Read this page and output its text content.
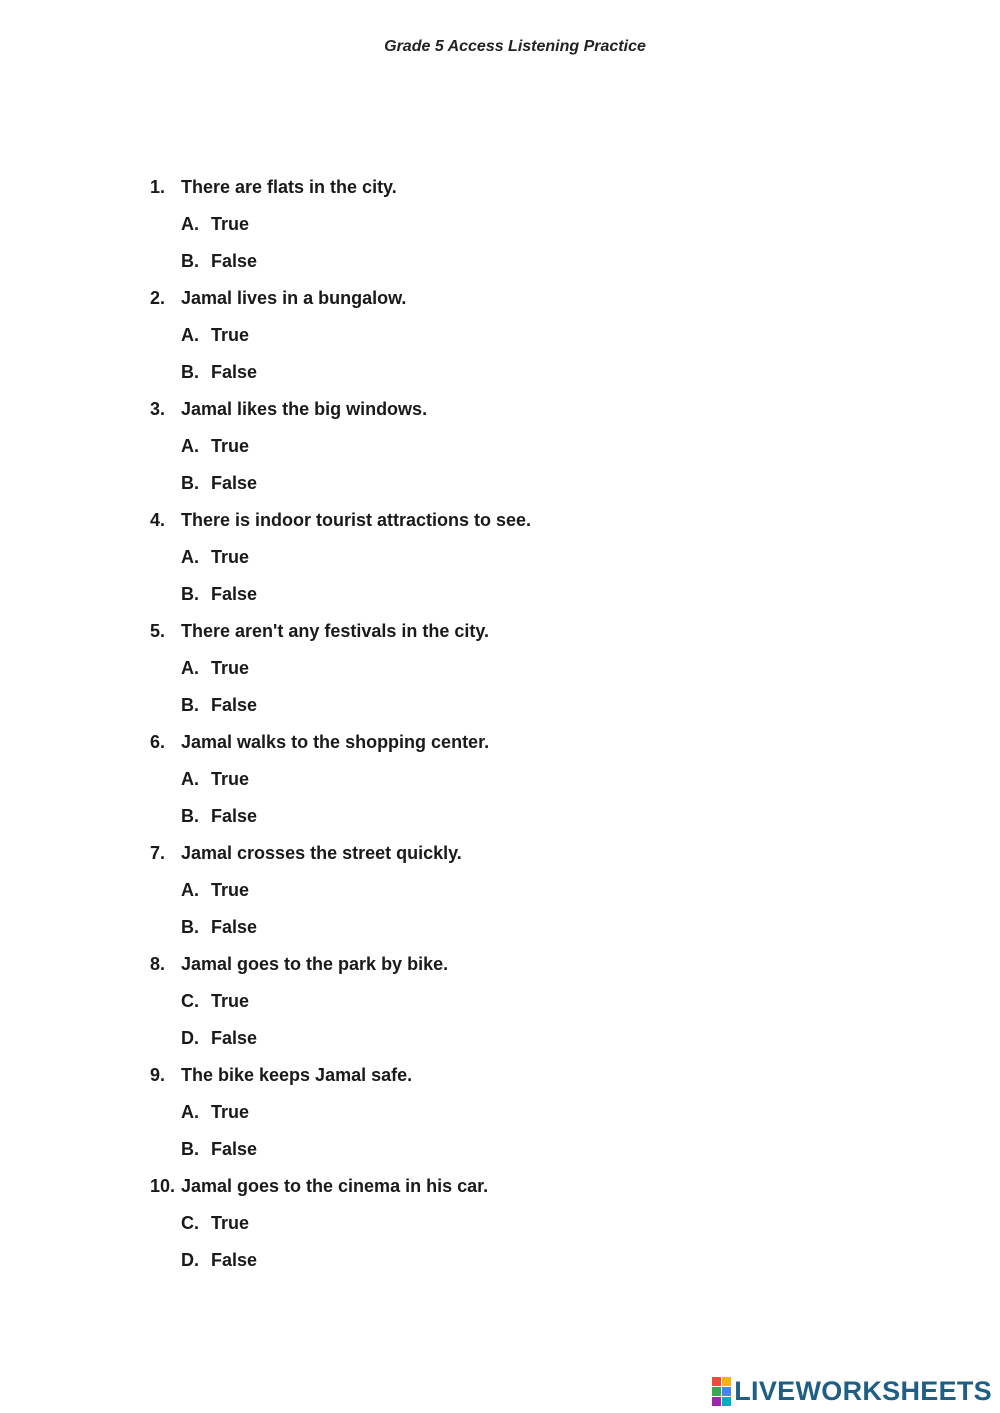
Grade 5 Access Listening Practice
1. There are flats in the city.
A. True
B. False
2. Jamal lives in a bungalow.
A. True
B. False
3. Jamal likes the big windows.
A. True
B. False
4. There is indoor tourist attractions to see.
A. True
B. False
5. There aren't any festivals in the city.
A. True
B. False
6. Jamal walks to the shopping center.
A. True
B. False
7. Jamal crosses the street quickly.
A. True
B. False
8. Jamal goes to the park by bike.
C. True
D. False
9. The bike keeps Jamal safe.
A. True
B. False
10. Jamal goes to the cinema in his car.
C. True
D. False
LIVEWORKSHEETS
